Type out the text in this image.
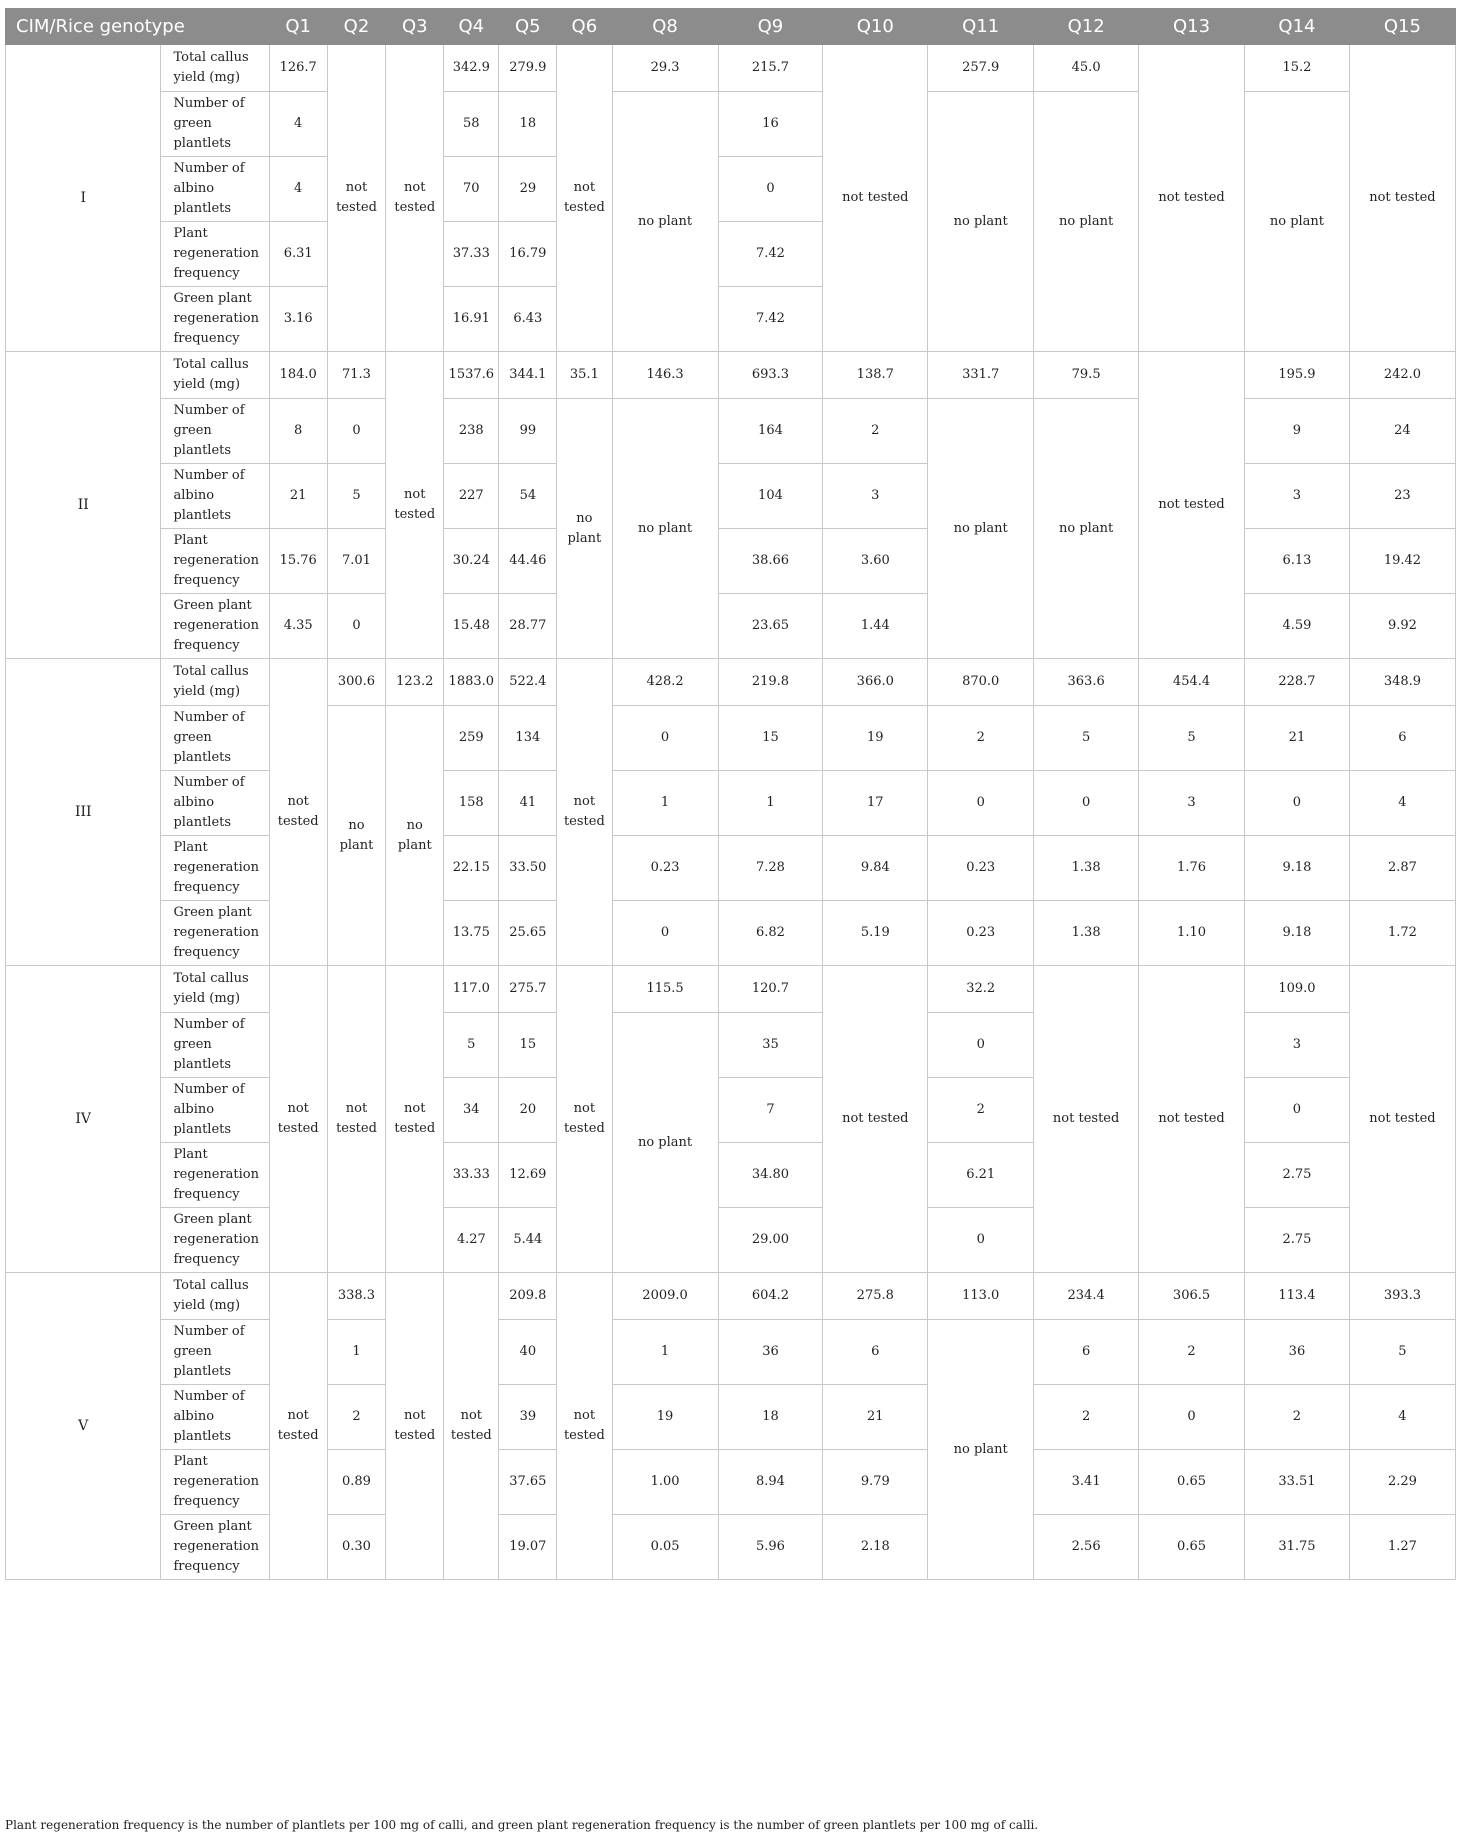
CIM/Rice genotype		Q1	Q2	Q3	Q4	Q5	Q6	Q8	Q9	Q10	Q11	Q12	Q13	Q14	Q15
I	Total callus yield (mg)	126.7	not tested	not tested	342.9	279.9	not tested	29.3	215.7	not tested	257.9	45.0	not tested	15.2	not tested
	Number of green plantlets	4			58	18		no plant	16		no plant	no plant		no plant	
	Number of albino plantlets	4			70	29			0						
	Plant regeneration frequency	6.31			37.33	16.79			7.42						
	Green plant regeneration frequency	3.16			16.91	6.43			7.42						
II	Total callus yield (mg)	184.0	71.3	not tested	1537.6	344.1	35.1	146.3	693.3	138.7	331.7	79.5	not tested	195.9	242.0
	Number of green plantlets	8	0		238	99	no plant	no plant	164	2	no plant	no plant		9	24
	Number of albino plantlets	21	5		227	54			104	3				3	23
	Plant regeneration frequency	15.76	7.01		30.24	44.46			38.66	3.60				6.13	19.42
	Green plant regeneration frequency	4.35	0		15.48	28.77			23.65	1.44				4.59	9.92
III	Total callus yield (mg)	not tested	300.6	123.2	1883.0	522.4	not tested	428.2	219.8	366.0	870.0	363.6	454.4	228.7	348.9
	Number of green plantlets		no plant	no plant	259	134		0	15	19	2	5	5	21	6
	Number of albino plantlets				158	41		1	1	17	0	0	3	0	4
	Plant regeneration frequency				22.15	33.50		0.23	7.28	9.84	0.23	1.38	1.76	9.18	2.87
	Green plant regeneration frequency				13.75	25.65		0	6.82	5.19	0.23	1.38	1.10	9.18	1.72
IV	Total callus yield (mg)	not tested	not tested	not tested	117.0	275.7	not tested	115.5	120.7	not tested	32.2	not tested	not tested	109.0	not tested
	Number of green plantlets				5	15		no plant	35		0			3	
	Number of albino plantlets				34	20			7		2			0	
	Plant regeneration frequency				33.33	12.69			34.80		6.21			2.75	
	Green plant regeneration frequency				4.27	5.44			29.00		0			2.75	
V	Total callus yield (mg)	not tested	338.3	not tested	not tested	209.8	not tested	2009.0	604.2	275.8	113.0	234.4	306.5	113.4	393.3
	Number of green plantlets		1			40		1	36	6	no plant	6	2	36	5
	Number of albino plantlets		2			39		19	18	21		2	0	2	4
	Plant regeneration frequency		0.89			37.65		1.00	8.94	9.79		3.41	0.65	33.51	2.29
	Green plant regeneration frequency		0.30			19.07		0.05	5.96	2.18		2.56	0.65	31.75	1.27
Plant regeneration frequency is the number of plantlets per 100 mg of calli, and green plant regeneration frequency is the number of green plantlets per 100 mg of calli.
